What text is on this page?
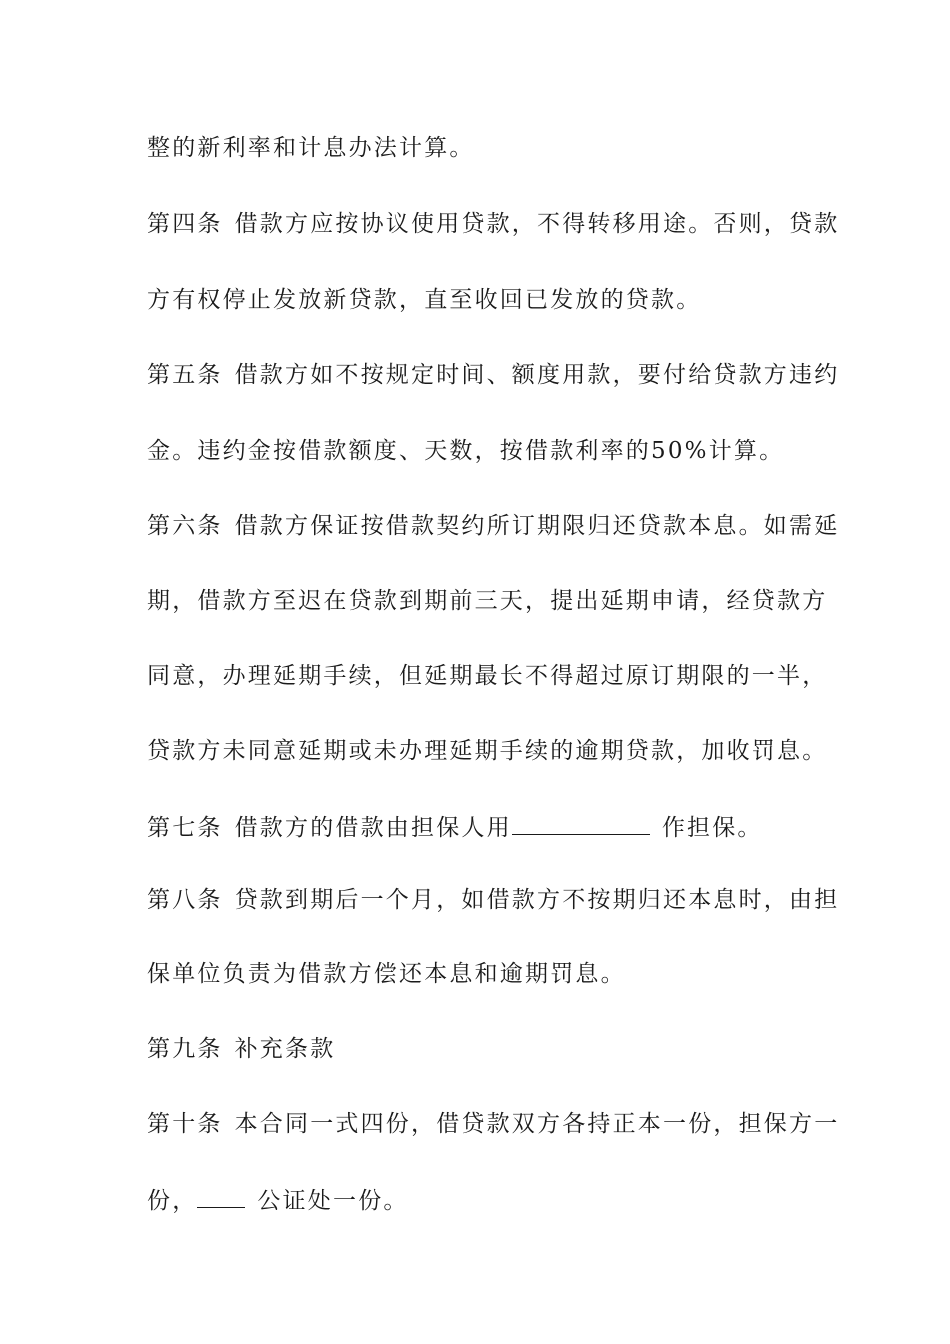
整的新利率和计息办法计算。
第四条 借款方应按协议使用贷款，不得转移用途。否则，贷款
方有权停止发放新贷款，直至收回已发放的贷款。
第五条 借款方如不按规定时间、额度用款，要付给贷款方违约
金。违约金按借款额度、天数，按借款利率的50%计算。
第六条 借款方保证按借款契约所订期限归还贷款本息。如需延
期，借款方至迟在贷款到期前三天，提出延期申请，经贷款方
同意，办理延期手续，但延期最长不得超过原订期限的一半，
贷款方未同意延期或未办理延期手续的逾期贷款，加收罚息。
第七条 借款方的借款由担保人用	作担保。
第八条 贷款到期后一个月，如借款方不按期归还本息时，由担
保单位负责为借款方偿还本息和逾期罚息。
第九条 补充条款
第十条 本合同一式四份，借贷款双方各持正本一份，担保方一
份，	公证处一份。
